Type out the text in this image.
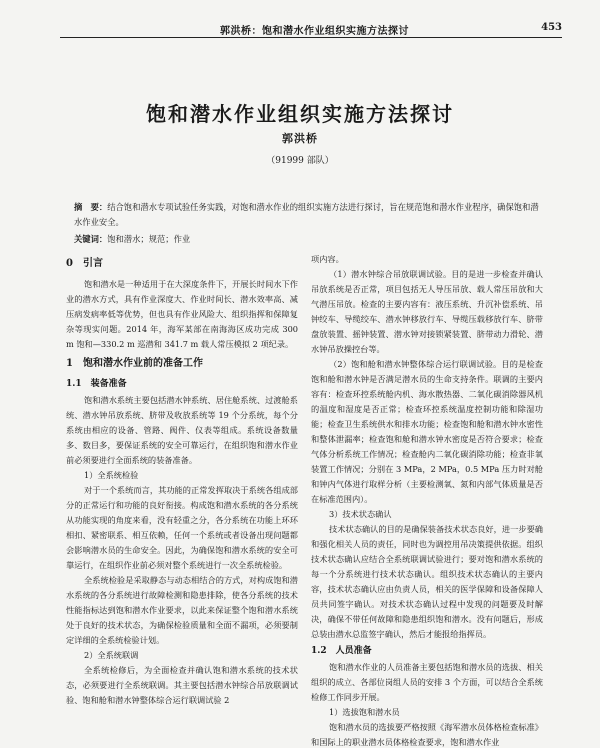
郭洪桥：饱和潜水作业组织实施方法探讨	453
饱和潜水作业组织实施方法探讨
郭洪桥
（91999 部队）
摘　要：结合饱和潜水专项试验任务实践，对饱和潜水作业的组织实施方法进行探讨，旨在规范饱和潜水作业程序，确保饱和潜水作业安全。
关键词：饱和潜水；规范；作业
0　引言

饱和潜水是一种适用于在大深度条件下，开展长时间水下作业的潜水方式，具有作业深度大、作业时间长、潜水效率高、减压病发病率低等优势，但也具有作业风险大、组织指挥和保障复杂等现实问题。2014 年，海军某部在南海海区成功完成 300 m 饱和—330.2 m 巡潜和 341.7 m 载人常压模拟 2 项纪录。

1　饱和潜水作业前的准备工作
1.1　装备准备

饱和潜水系统主要包括潜水钟系统、居住舱系统、过渡舱系统、潜水钟吊放系统、脐带及收放系统等 19 个分系统，每个分系统由相应的设备、管路、阀件、仪表等组成。系统设备数量多、数目多，要保证系统的安全可靠运行，在组织饱和潜水作业前必须要进行全面系统的装备准备。

1）全系统检验

对于一个系统而言，其功能的正常发挥取决于系统各组成部分的正常运行和功能的良好衔接。构成饱和潜水系统的各分系统从功能实现的角度来看，没有轻重之分，各分系统在功能上环环相扣、紧密联系、相互依赖，任何一个系统或者设备出现问题都会影响潜水员的生命安全。因此，为确保饱和潜水系统的安全可靠运行，在组织作业前必须对整个系统进行一次全系统检验。

全系统检验是采取静态与动态相结合的方式，对构成饱和潜水系统的各分系统进行故障检测和隐患排除，使各分系统的技术性能指标达到饱和潜水作业要求，以此来保证整个饱和潜水系统处于良好的技术状态，为确保检验质量和全面不漏项，必须要制定详细的全系统检验计划。

2）全系统联调

全系统检修后，为全面检查并确认饱和潜水系统的技术状态，必须要进行全系统联调。其主要包括潜水钟综合吊放联调试验、饱和舱和潜水钟整体综合运行联调试验 2

项内容。

（1）潜水钟综合吊放联调试验。目的是进一步检查并确认吊放系统是否正常，项目包括无人导压吊放、载人常压吊放和大气潜压吊放。检查的主要内容有：液压系统、升沉补偿系统、吊钟绞车、导缆绞车、潜水钟移放行车、导缆压载移放行车、脐带盘放装置、摇钟装置、潜水钟对接锁紧装置、脐带动力滑轮、潜水钟吊放操控台等。

（2）饱和舱和潜水钟整体综合运行联调试验。目的是检查饱和舱和潜水钟是否满足潜水员的生命支持条件。联调的主要内容有：检查环控系统舱内机、海水散热器、二氧化碳消除器风机的温度和湿度是否正常；检查环控系统温度控制功能和除湿功能；检查卫生系统供水和排水功能；检查饱和舱和潜水钟水密性和整体泄漏率；检查饱和舱和潜水钟水密度是否符合要求；检查气体分析系统工作情况；检查舱内二氧化碳消除功能；检查非氧装置工作情况；分别在 3 MPa，2 MPa，0.5 MPa 压力时对舱和钟内气体进行取样分析（主要检测氧、氮和内部气体质量是否在标准范围内）。

3）技术状态确认

技术状态确认的目的是确保装备技术状态良好，进一步要确和强化相关人员的责任，同时也为调控用吊决策提供依据。组织技术状态确认应结合全系统联调试验进行；要对饱和潜水系统的每一个分系统进行技术状态确认。组织技术状态确认的主要内容，技术状态确认应由负责人员，相关的医学保障和设备保障人员共同签字确认。对技术状态确认过程中发现的问题要及时解决，确保不带任何故障和隐患组织饱和潜水。没有问题后，形成总装由潜水总监签字确认，然后才能报给指挥员。

1.2　人员准备

饱和潜水作业的人员准备主要包括饱和潜水员的选拔、相关组织的成立、各部位岗组人员的安排 3 个方面，可以结合全系统检修工作同步开展。

1）选拔饱和潜水员

饱和潜水员的选拔要严格按照《海军潜水员体格检查标准》和国际上的职业潜水员体格检查要求，饱和潜水作业
